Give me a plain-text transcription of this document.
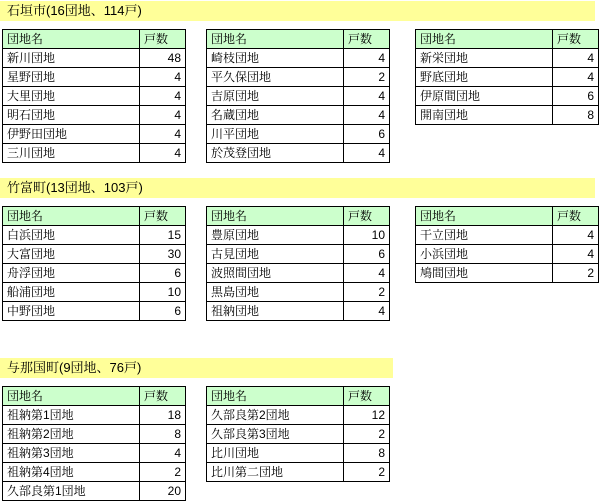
石垣市(16団地、114戸)
団地名	戸数
新川団地	48
星野団地	4
大里団地	4
明石団地	4
伊野田団地	4
三川団地	4
団地名	戸数
崎枝団地	4
平久保団地	2
吉原団地	4
名蔵団地	4
川平団地	6
於茂登団地	4
団地名	戸数
新栄団地	4
野底団地	4
伊原間団地	6
開南団地	8
竹富町(13団地、103戸)
団地名	戸数
白浜団地	15
大富団地	30
舟浮団地	6
船浦団地	10
中野団地	6
団地名	戸数
豊原団地	10
古見団地	6
波照間団地	4
黒島団地	2
祖納団地	4
団地名	戸数
干立団地	4
小浜団地	4
鳩間団地	2
与那国町(9団地、76戸)
団地名	戸数
祖納第1団地	18
祖納第2団地	8
祖納第3団地	4
祖納第4団地	2
久部良第1団地	20
団地名	戸数
久部良第2団地	12
久部良第3団地	2
比川団地	8
比川第二団地	2
